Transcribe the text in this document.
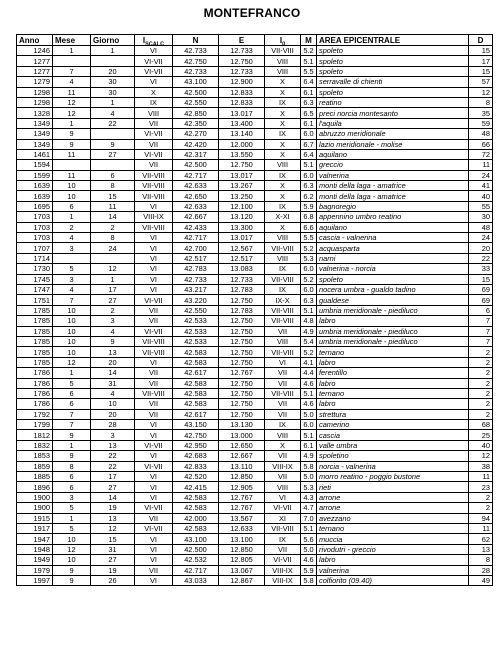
MONTEFRANCO
Anno	Mese	Giorno	$I_{SCALC}$	N	E	$I_0$	M	AREA EPICENTRALE	D
1246	1	1	VI	42.733	12.733	VII-VIII	5.2	spoleto	15
1277			VI-VII	42.750	12.750	VIII	5.1	spoleto	17
1277	7	20	VI-VII	42.733	12.733	VIII	5.5	spoleto	15
1279	4	30	VI	43.100	12.900	X	6.4	serravalle di chienti	57
1298	11	30	X	42.500	12.833	X	6.1	spoleto	12
1298	12	1	IX	42.550	12.833	IX	6.3	reatino	8
1328	12	4	VIII	42.850	13.017	X	6.5	preci norcia montesanto	35
1349	1	22	VII	42.350	13.400	X	6.1	l'aquila	59
1349	9		VI-VII	42.270	13.140	IX	6.0	abruzzo meridionale	48
1349	9	9	VII	42.420	12.000	X	6.7	lazio meridionale - molise	66
1461	11	27	VI-VII	42.317	13.550	X	6.4	aquilano	72
1594			VII	42.500	12.750	VIII	5.1	greccio	11
1599	11	6	VII-VIII	42.717	13.017	IX	6.0	valnerina	24
1639	10	8	VII-VIII	42.633	13.267	X	6.3	monti della laga - amatrice	41
1639	10	15	VII-VIII	42.650	13.250	X	6.2	monti della laga - amatrice	40
1695	6	11	VI	42.633	12.100	IX	5.9	bagnoregio	55
1703	1	14	VIII-IX	42.667	13.120	X-XI	6.8	appennino umbro reatino	30
1703	2	2	VII-VIII	42.433	13.300	X	6.6	aquilano	48
1703	4	8	VI	42.717	13.017	VIII	5.5	cascia - valnerina	24
1707	3	24	VI	42.700	12.567	VII-VIII	5.2	acquasparta	20
1714			VI	42.517	12.517	VIII	5.3	narni	22
1730	5	12	VI	42.783	13.083	IX	6.0	valnerina - norcia	33
1745	3	1	VI	42.733	12.733	VII-VIII	5.2	spoleto	15
1747	4	17	VI	43.217	12.783	IX	6.0	nocera umbra - gualdo tadino	69
1751	7	27	VI-VII	43.220	12.750	IX-X	6.3	gualdese	69
1785	10	2	VII	42.550	12.783	VII-VIII	5.1	umbria meridionale - piediluco	6
1785	10	3	VII	42.533	12.750	VII-VIII	4.8	labro	7
1785	10	4	VI-VII	42.533	12.750	VII	4.9	umbria meridionale - piediluco	7
1785	10	9	VII-VIII	42.533	12.750	VIII	5.4	umbria meridionale - piediluco	7
1785	10	13	VII-VIII	42.583	12.750	VII-VIII	5.2	ternano	2
1785	12	20	VI	42.583	12.750	VI	4.1	labro	2
1786	1	14	VII	42.617	12.767	VII	4.4	ferentillo	2
1786	5	31	VII	42.583	12.750	VII	4.6	labro	2
1786	6	4	VII-VIII	42.583	12.750	VII-VIII	5.1	ternano	2
1786	6	10	VII	42.583	12.750	VII	4.6	labro	2
1792	7	20	VII	42.617	12.750	VII	5.0	strettura	2
1799	7	28	VI	43.150	13.130	IX	6.0	camerino	68
1812	9	3	VI	42.750	13.000	VIII	5.1	cascia	25
1832	1	13	VI-VII	42.950	12.650	X	6.1	valle umbra	40
1853	9	22	VI	42.683	12.667	VII	4.9	spoletino	12
1859	8	22	VI-VII	42.833	13.110	VIII-IX	5.8	norcia - valnerina	38
1885	6	17	VI	42.520	12.850	VII	5.0	morro reatino - poggio bustone	11
1896	6	27	VI	42.415	12.905	VIII	5.3	rieti	23
1900	3	14	VI	42.583	12.767	VI	4.3	arrone	2
1900	5	19	VI-VII	42.583	12.767	VI-VII	4.7	arrone	2
1915	1	13	VII	42.000	13.567	XI	7.0	avezzano	94
1917	5	12	VI-VII	42.583	12.633	VII-VIII	5.1	ternano	11
1947	10	15	VI	43.100	13.100	IX	5.6	muccia	62
1948	12	31	VI	42.500	12.850	VII	5.0	rivodutri - greccio	13
1949	10	27	VI	42.532	12.805	VI-VII	4.6	labro	8
1979	9	19	VII	42.717	13.067	VIII-IX	5.9	valnerina	28
1997	9	26	VI	43.033	12.867	VIII-IX	5.8	colfiorito (09.40)	49
